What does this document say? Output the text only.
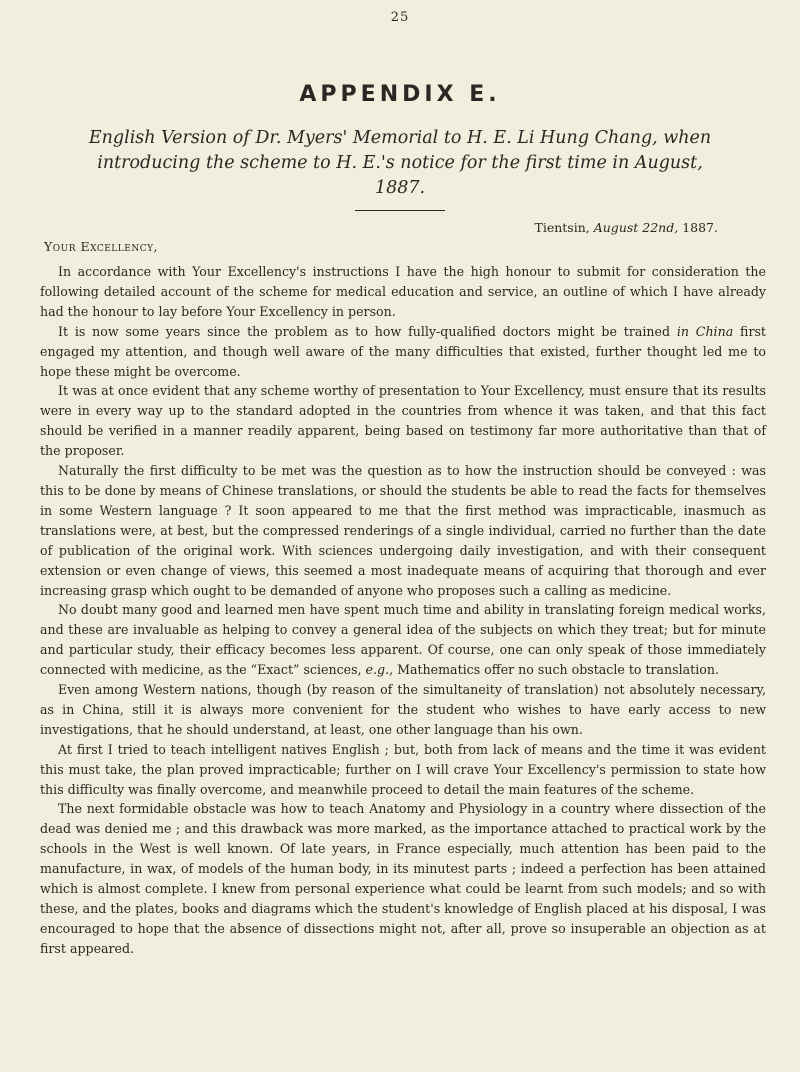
25
APPENDIX E.
English Version of Dr. Myers' Memorial to H. E. Li Hung Chang, when introducing the scheme to H. E.'s notice for the first time in August, 1887.
Tientsin, August 22nd, 1887.
Your Excellency,

In accordance with Your Excellency's instructions I have the high honour to submit for consideration the following detailed account of the scheme for medical education and service, an outline of which I have already had the honour to lay before Your Excellency in person.

It is now some years since the problem as to how fully-qualified doctors might be trained in China first engaged my attention, and though well aware of the many difficulties that existed, further thought led me to hope these might be overcome.

It was at once evident that any scheme worthy of presentation to Your Excellency, must ensure that its results were in every way up to the standard adopted in the countries from whence it was taken, and that this fact should be verified in a manner readily apparent, being based on testimony far more authoritative than that of the proposer.

Naturally the first difficulty to be met was the question as to how the instruction should be conveyed : was this to be done by means of Chinese translations, or should the students be able to read the facts for themselves in some Western language ? It soon appeared to me that the first method was impracticable, inasmuch as translations were, at best, but the compressed renderings of a single individual, carried no further than the date of publication of the original work. With sciences undergoing daily investigation, and with their consequent extension or even change of views, this seemed a most inadequate means of acquiring that thorough and ever increasing grasp which ought to be demanded of anyone who proposes such a calling as medicine.

No doubt many good and learned men have spent much time and ability in translating foreign medical works, and these are invaluable as helping to convey a general idea of the subjects on which they treat; but for minute and particular study, their efficacy becomes less apparent. Of course, one can only speak of those immediately connected with medicine, as the “Exact” sciences, e.g., Mathematics offer no such obstacle to translation.

Even among Western nations, though (by reason of the simultaneity of translation) not absolutely necessary, as in China, still it is always more convenient for the student who wishes to have early access to new investigations, that he should understand, at least, one other language than his own.

At first I tried to teach intelligent natives English ; but, both from lack of means and the time it was evident this must take, the plan proved impracticable; further on I will crave Your Excellency's permission to state how this difficulty was finally overcome, and meanwhile proceed to detail the main features of the scheme.

The next formidable obstacle was how to teach Anatomy and Physiology in a country where dissection of the dead was denied me ; and this drawback was more marked, as the importance attached to practical work by the schools in the West is well known. Of late years, in France especially, much attention has been paid to the manufacture, in wax, of models of the human body, in its minutest parts ; indeed a perfection has been attained which is almost complete. I knew from personal experience what could be learnt from such models; and so with these, and the plates, books and diagrams which the student's knowledge of English placed at his disposal, I was encouraged to hope that the absence of dissections might not, after all, prove so insuperable an objection as at first appeared.
